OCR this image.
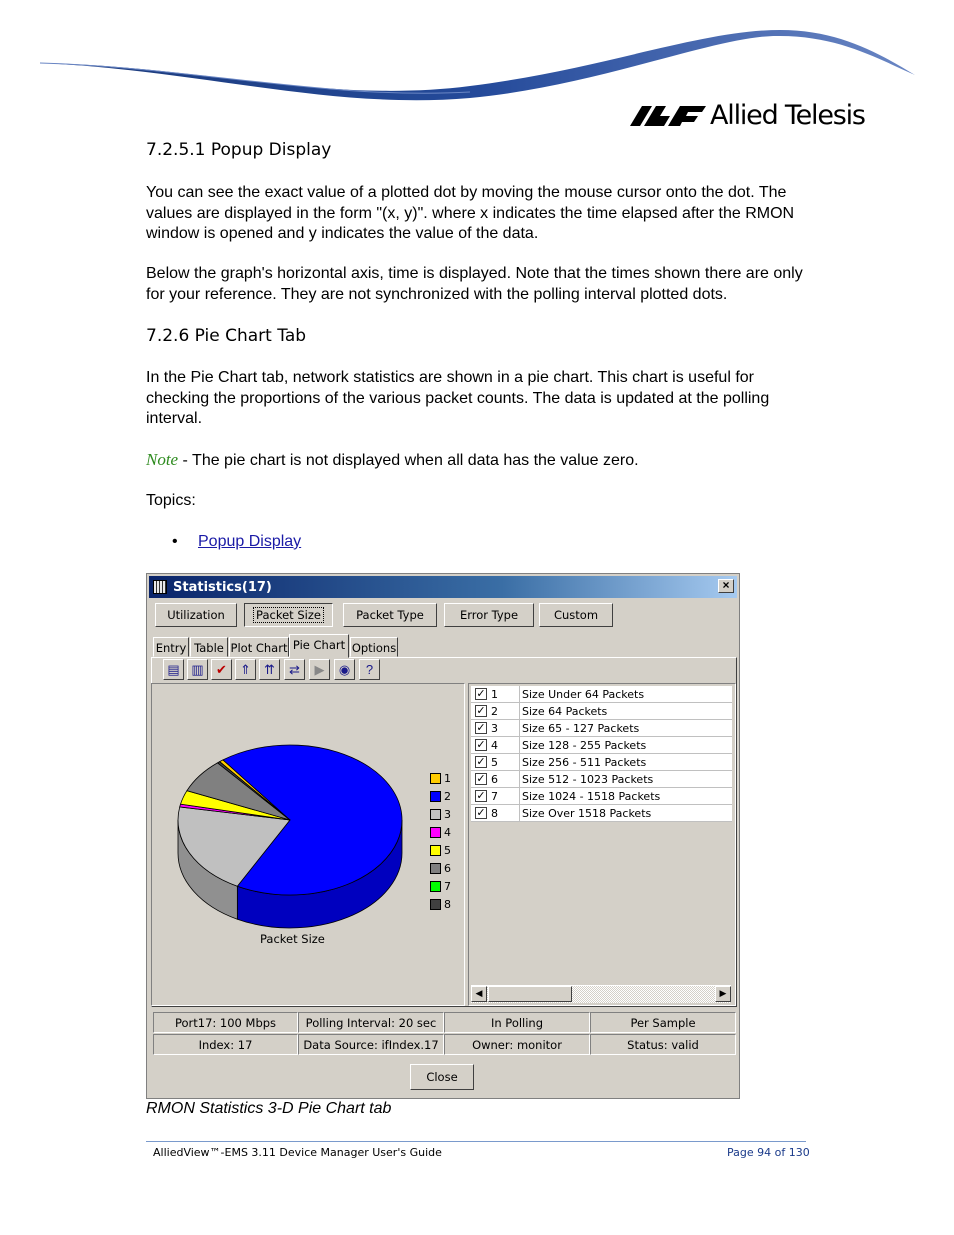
Allied Telesis
7.2.5.1 Popup Display
You can see the exact value of a plotted dot by moving the mouse cursor onto the dot. The values are displayed in the form "(x, y)". where x indicates the time elapsed after the RMON window is opened and y indicates the value of the data.
Below the graph's horizontal axis, time is displayed. Note that the times shown there are only for your reference. They are not synchronized with the polling interval plotted dots.
7.2.6 Pie Chart Tab
In the Pie Chart tab, network statistics are shown in a pie chart. This chart is useful for checking the proportions of the various packet counts. The data is updated at the polling interval.
Note - The pie chart is not displayed when all data has the value zero.
Topics:
• Popup Display
Statistics(17)	×
Utilization	Packet Size	Packet Type	Error Type	Custom
Entry Table Plot Chart Pie Chart Options
▤ ▥ ✔	⇑	⇈	⇄	▶	◉	?
Packet Size
1
2
3
4
5
6
7
8
✓ 1 Size Under 64 Packets
✓ 2 Size 64 Packets
✓ 3 Size 65 - 127 Packets
✓ 4 Size 128 - 255 Packets
✓ 5 Size 256 - 511 Packets
✓ 6 Size 512 - 1023 Packets
✓ 7 Size 1024 - 1518 Packets
✓ 8 Size Over 1518 Packets
◀	▶
Port17: 100 Mbps	Polling Interval: 20 sec	In Polling	Per Sample
Index: 17	Data Source: ifIndex.17	Owner: monitor	Status: valid
Close
RMON Statistics 3-D Pie Chart tab
AlliedView™-EMS 3.11 Device Manager User's Guide	Page 94 of 130
